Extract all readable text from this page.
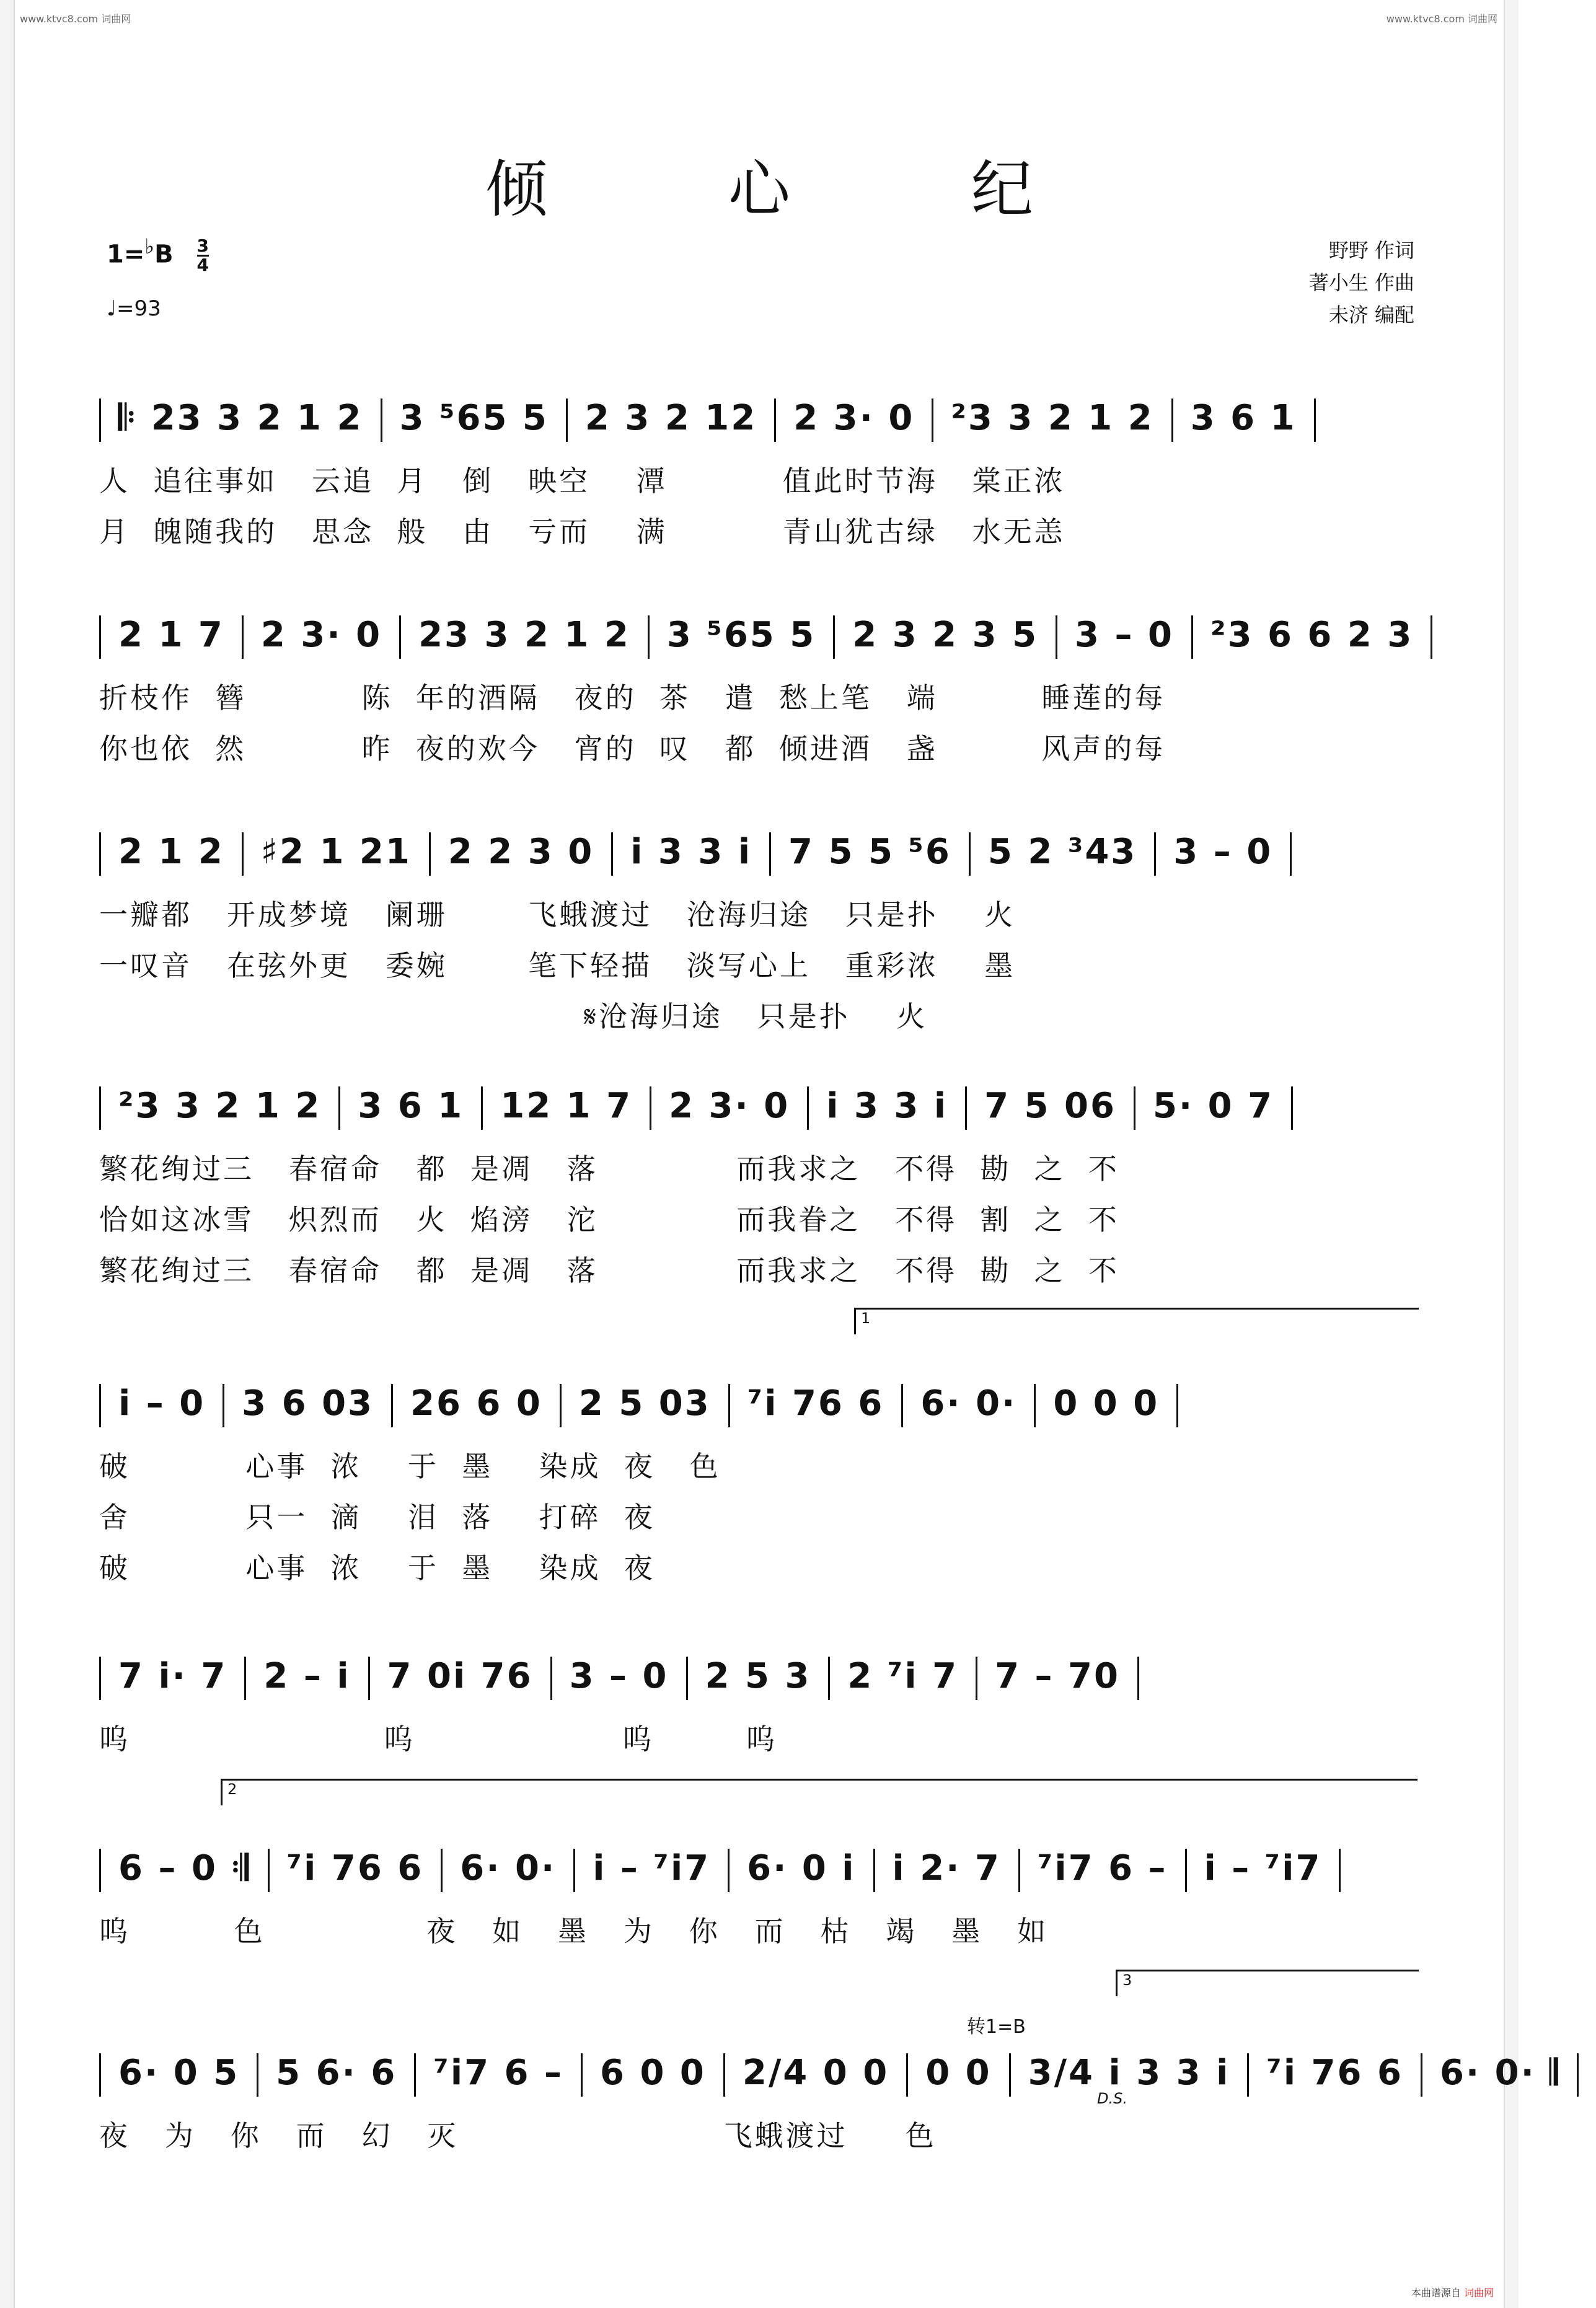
www.ktvc8.com 词曲网	www.ktvc8.com 词曲网
倾 心 纪
$1=^♭B \frac{3}{4}$
♩=93
野野 作词
著小生 作曲
未济 编配
𝄆 23 3 2 1 2 3 ⁵65 5 2 3 2 12 2 3· 0 ²3 3 2 1 2 3 6 1
人  追往事如   云追  月   倒   映空    潭          值此时节海   棠正浓
月  魄随我的   思念  般   由   亏而    满          青山犹古绿   水无恙
2 1 7 2 3· 0 23 3 2 1 2 3 ⁵65 5 2 3 2 3 5 3 – 0 ²3 6 6 2 3
折枝作  簪          陈  年的酒隔   夜的  茶   遣  愁上笔   端         睡莲的每
你也依  然          昨  夜的欢今   宵的  叹   都  倾进酒   盏         风声的每
2 1 2 ♯2 1 21 2 2 3 0 i 3 3 i 7 5 5 ⁵6 5 2 ³43 3 – 0
一瓣都   开成梦境   阑珊       飞蛾渡过   沧海归途   只是扑    火
一叹音   在弦外更   委婉       笔下轻描   淡写心上   重彩浓    墨
𝄋沧海归途   只是扑    火
²3 3 2 1 2 3 6 1 12 1 7 2 3· 0 i 3 3 i 7 5 06 5· 0 7
繁花绚过三   春宿命   都  是凋   落            而我求之   不得  勘  之  不
恰如这冰雪   炽烈而   火  焰滂   沱            而我眷之   不得  割  之  不
繁花绚过三   春宿命   都  是凋   落            而我求之   不得  勘  之  不
i – 0 3 6 03 26 6 0 2 5 03 ⁷i 76 6 6· 0· 0 0 0
破          心事  浓    于  墨    染成  夜   色
舍          只一  滴    泪  落    打碎  夜
破          心事  浓    于  墨    染成  夜
7 i· 7 2 – i 7 0i 76 3 – 0 2 5 3 2 ⁷i 7 7 – 70
呜                      呜                  呜        呜
6 – 0 𝄇 ⁷i 76 6 6· 0· i – ⁷i7 6· 0 i i 2· 7 ⁷i7 6 – i – ⁷i7
呜         色              夜   如   墨   为   你   而   枯   竭   墨   如
6· 0 5 5 6· 6 ⁷i7 6 – 6 0 0 2/4 0 0 0 0 3/4 i 3 3 i ⁷i 76 6 6· 0· 𝄂
夜   为   你   而   幻   灭                       飞蛾渡过     色
1
2
3
转1=B
D.S.
本曲谱源自 词曲网
